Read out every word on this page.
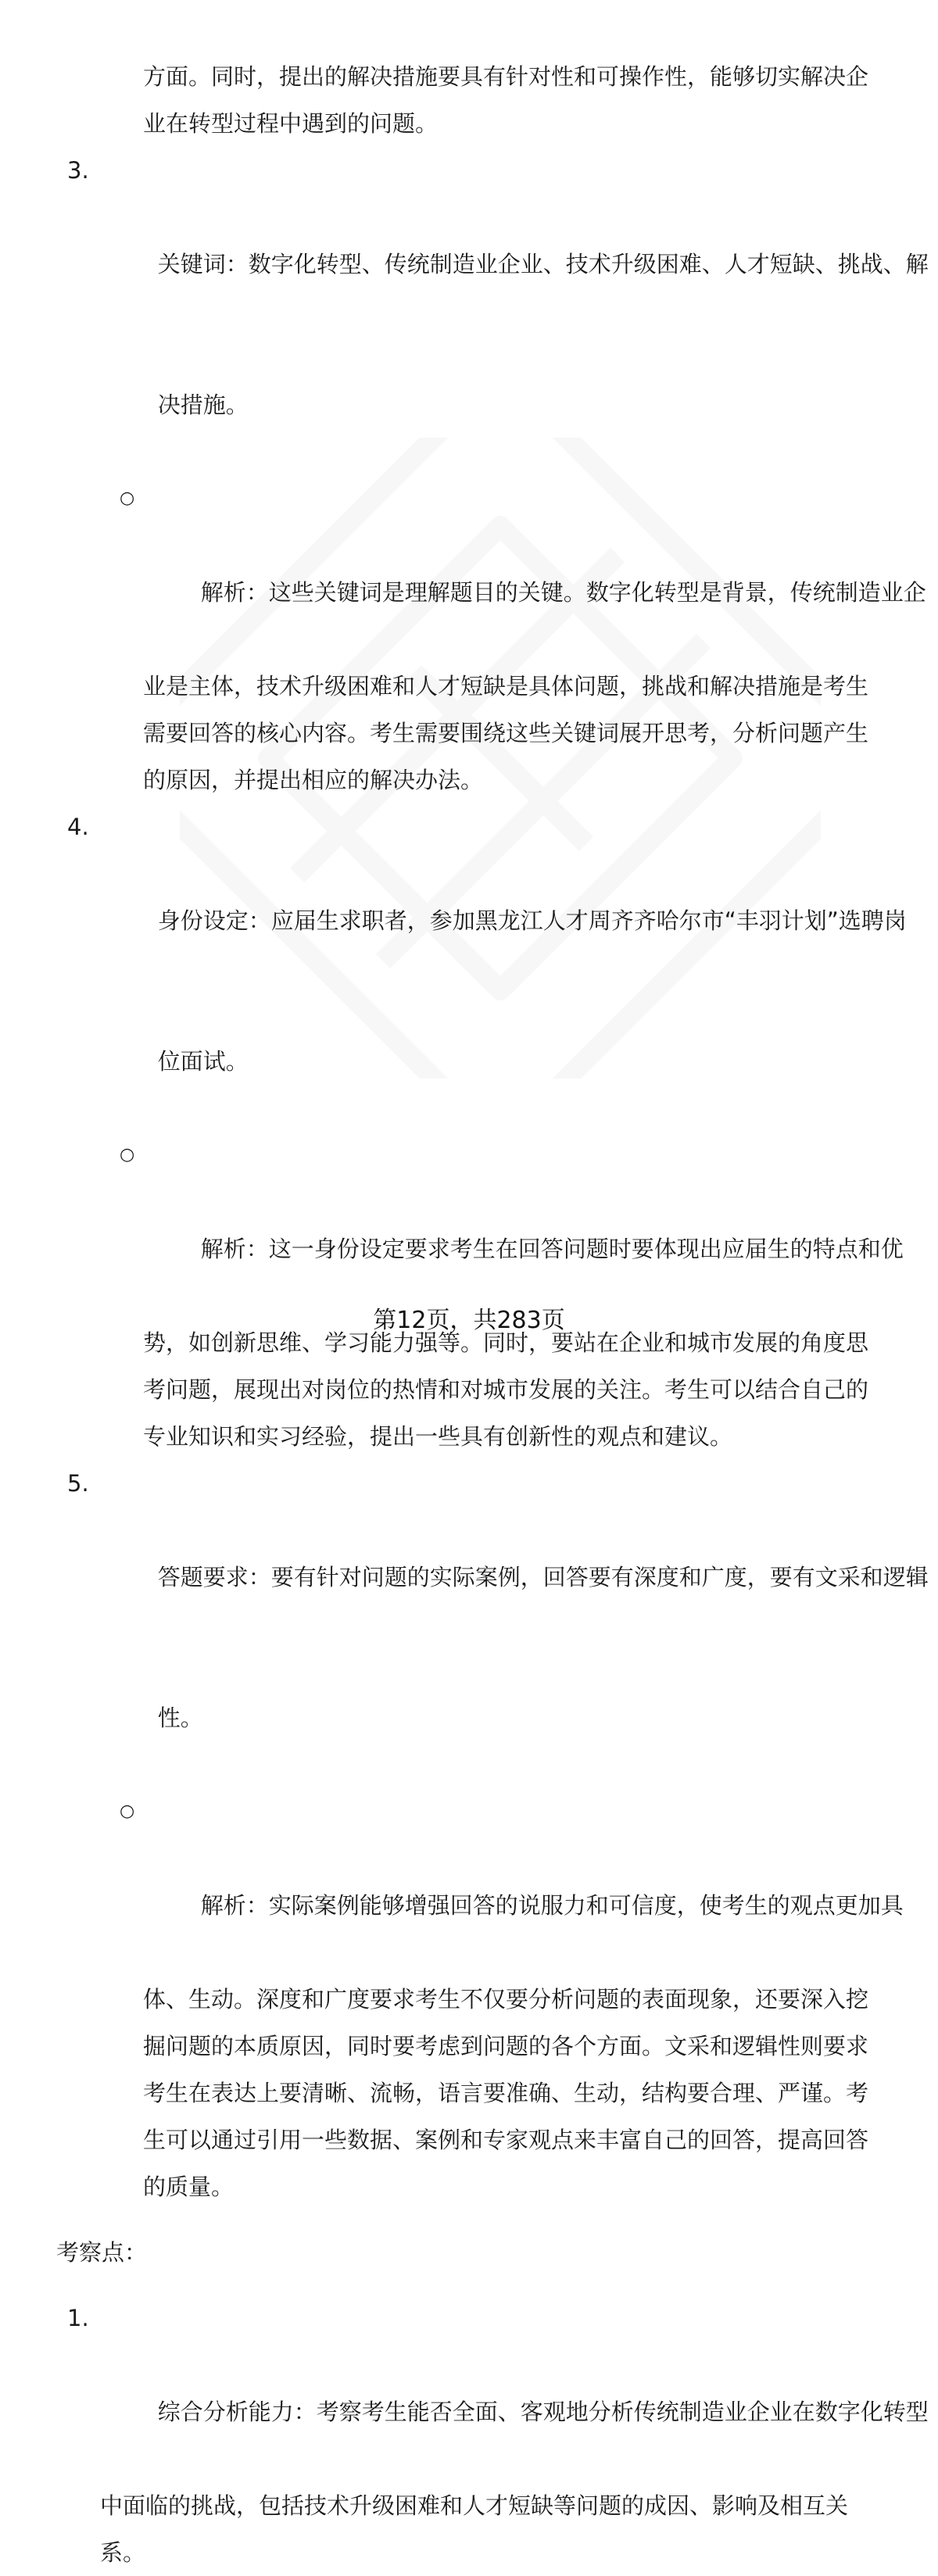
方面。同时，提出的解决措施要具有针对性和可操作性，能够切实解决企
业在转型过程中遇到的问题。

3.

关键词：数字化转型、传统制造业企业、技术升级困难、人才短缺、挑战、解

决措施。

○

解析：这些关键词是理解题目的关键。数字化转型是背景，传统制造业企

业是主体，技术升级困难和人才短缺是具体问题，挑战和解决措施是考生
需要回答的核心内容。考生需要围绕这些关键词展开思考，分析问题产生
的原因，并提出相应的解决办法。

4.

身份设定：应届生求职者，参加黑龙江人才周齐齐哈尔市“丰羽计划”选聘岗

位面试。

○

解析：这一身份设定要求考生在回答问题时要体现出应届生的特点和优

势，如创新思维、学习能力强等。同时，要站在企业和城市发展的角度思
考问题，展现出对岗位的热情和对城市发展的关注。考生可以结合自己的
专业知识和实习经验，提出一些具有创新性的观点和建议。

5.

答题要求：要有针对问题的实际案例，回答要有深度和广度，要有文采和逻辑

性。

○

解析：实际案例能够增强回答的说服力和可信度，使考生的观点更加具

体、生动。深度和广度要求考生不仅要分析问题的表面现象，还要深入挖
掘问题的本质原因，同时要考虑到问题的各个方面。文采和逻辑性则要求
考生在表达上要清晰、流畅，语言要准确、生动，结构要合理、严谨。考
生可以通过引用一些数据、案例和专家观点来丰富自己的回答，提高回答
的质量。
考察点：

1.

综合分析能力：考察考生能否全面、客观地分析传统制造业企业在数字化转型

中面临的挑战，包括技术升级困难和人才短缺等问题的成因、影响及相互关
系。
第12页，共283页
